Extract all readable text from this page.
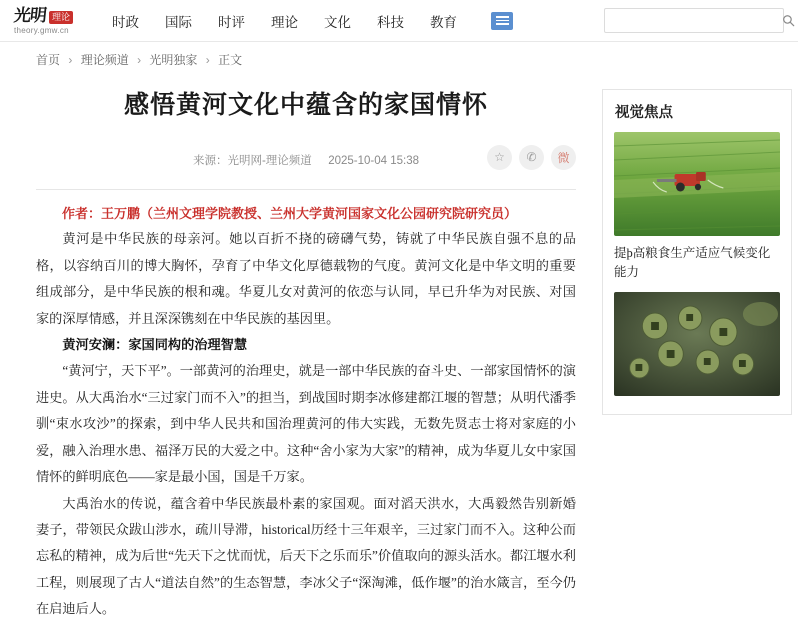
光明 理论
theory.gmw.cn
时政 国际 时评 理论 文化 科技 教育
首页 › 理论频道 › 光明独家 › 正文
感悟黄河文化中蕴含的家国情怀
来源：光明网-理论频道 2025-10-04 15:38	☆	✆	微
作者：王万鹏（兰州文理学院教授、兰州大学黄河国家文化公园研究院研究员）

黄河是中华民族的母亲河。她以百折不挠的磅礴气势，铸就了中华民族自强不息的品格，以容纳百川的博大胸怀，孕育了中华文化厚德载物的气度。黄河文化是中华文明的重要组成部分，是中华民族的根和魂。华夏儿女对黄河的依恋与认同，早已升华为对民族、对国家的深厚情感，并且深深镌刻在中华民族的基因里。

黄河安澜：家国同构的治理智慧

“黄河宁，天下平”。一部黄河的治理史，就是一部中华民族的奋斗史、一部家国情怀的演进史。从大禹治水“三过家门而不入”的担当，到战国时期李冰修建都江堰的智慧；从明代潘季驯“束水攻沙”的探索，到中华人民共和国治理黄河的伟大实践，无数先贤志士将对家庭的小爱，融入治理水患、福泽万民的大爱之中。这种“舍小家为大家”的精神，成为华夏儿女中家国情怀的鲜明底色——家是最小国，国是千万家。

大禹治水的传说，蕴含着中华民族最朴素的家国观。面对滔天洪水，大禹毅然告别新婚妻子，带领民众跋山涉水，疏川导滞，historical历经十三年艰辛，三过家门而不入。这种公而忘私的精神，成为后世“先天下之忧而忧，后天下之乐而乐”价值取向的源头活水。都江堰水利工程，则展现了古人“道法自然”的生态智慧，李冰父子“深淘滩，低作堰”的治水箴言，至今仍在启迪后人。

视觉焦点
提þ高粮食生产适应气候变化能力
